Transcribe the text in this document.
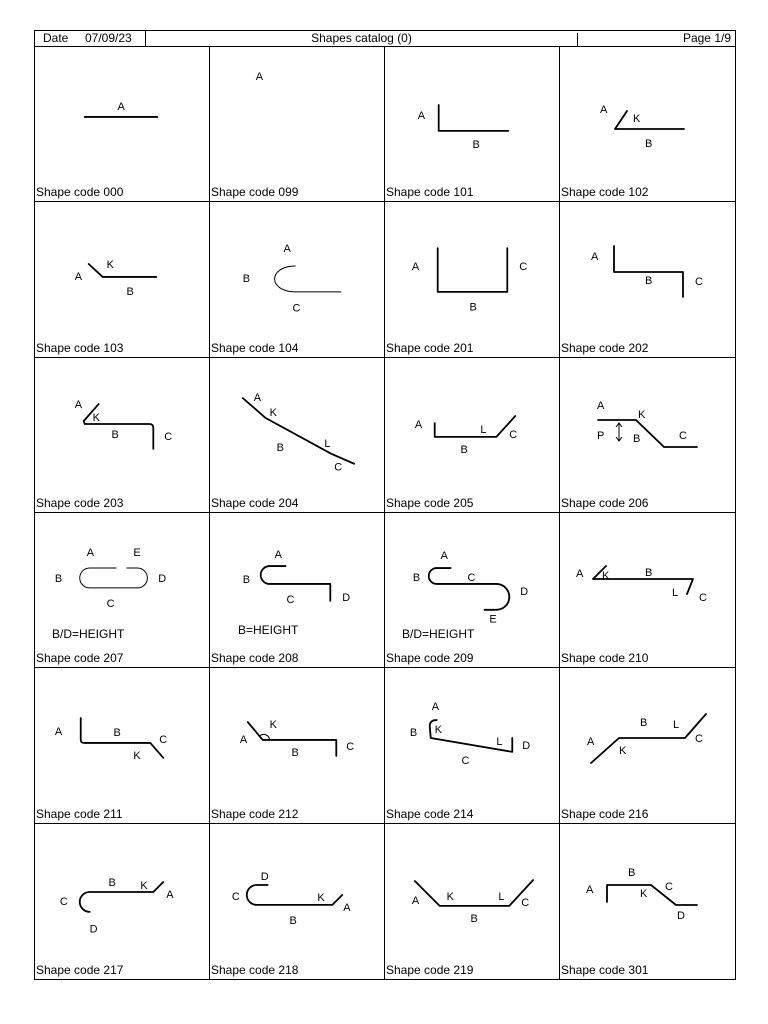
Date 07/09/23	Shapes catalog (0)	Page 1/9
A
Shape code 000
A
Shape code 099
A
B
Shape code 101
A
K
B
Shape code 102
A
K
B
Shape code 103
A
B
C
Shape code 104
A	C
B
Shape code 201
A
B	C
Shape code 202
A
K
B	C
Shape code 203
A
K
B	L
C
Shape code 204
A	L C
B
Shape code 205
A
K
P	B	C
Shape code 206
A	E
B	D
C
B/D=HEIGHT
Shape code 207
A
B
C	D
B=HEIGHT
Shape code 208
A
B	C
D
E
B/D=HEIGHT
Shape code 209
A K	B
L C
Shape code 210
A	B
C
K
Shape code 211
K
A
B	C
Shape code 212
A
B K
L D
C
Shape code 214
B L
A
K
C
Shape code 216
B K
A
C
D
Shape code 217
D
C	K
A
B
Shape code 218
A	K	L C
B
Shape code 219
B
A	C
K
D
Shape code 301
